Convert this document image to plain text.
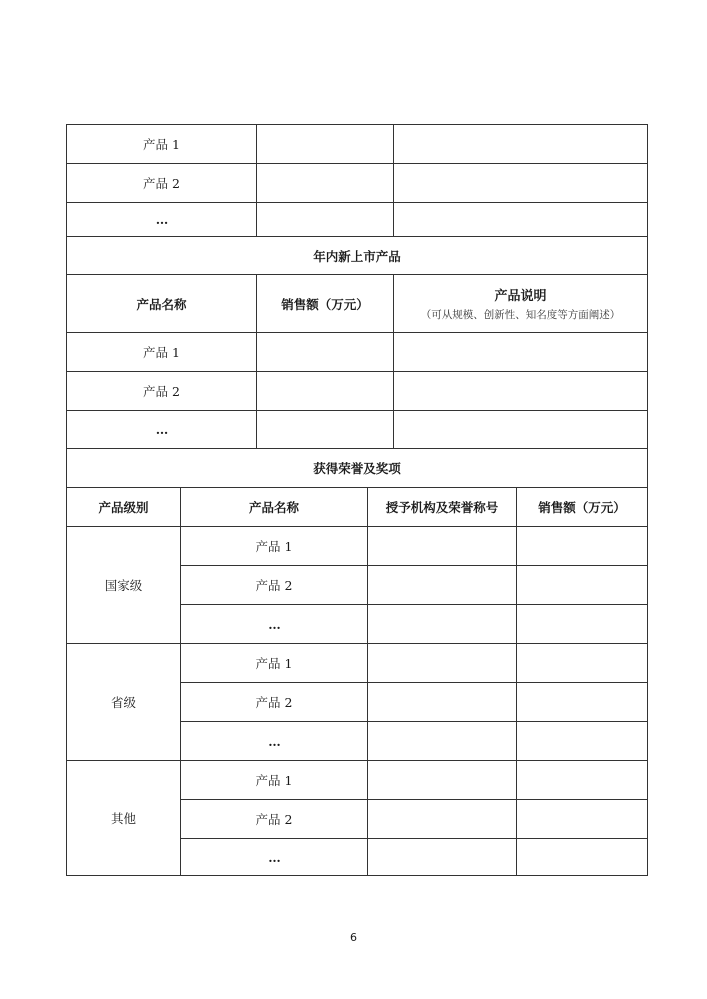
产品 1		
产品 2		
…		
年内新上市产品		
产品名称	销售额（万元）	产品说明
（可从规模、创新性、知名度等方面阐述）

产品 1		
产品 2		
…		
获得荣誉及奖项		
产品级别	产品名称	授予机构及荣誉称号	销售额（万元）
国家级	产品 1		
	产品 2		
	…		
省级	产品 1		
	产品 2		
	…		
其他	产品 1		
	产品 2		
	…		
6
